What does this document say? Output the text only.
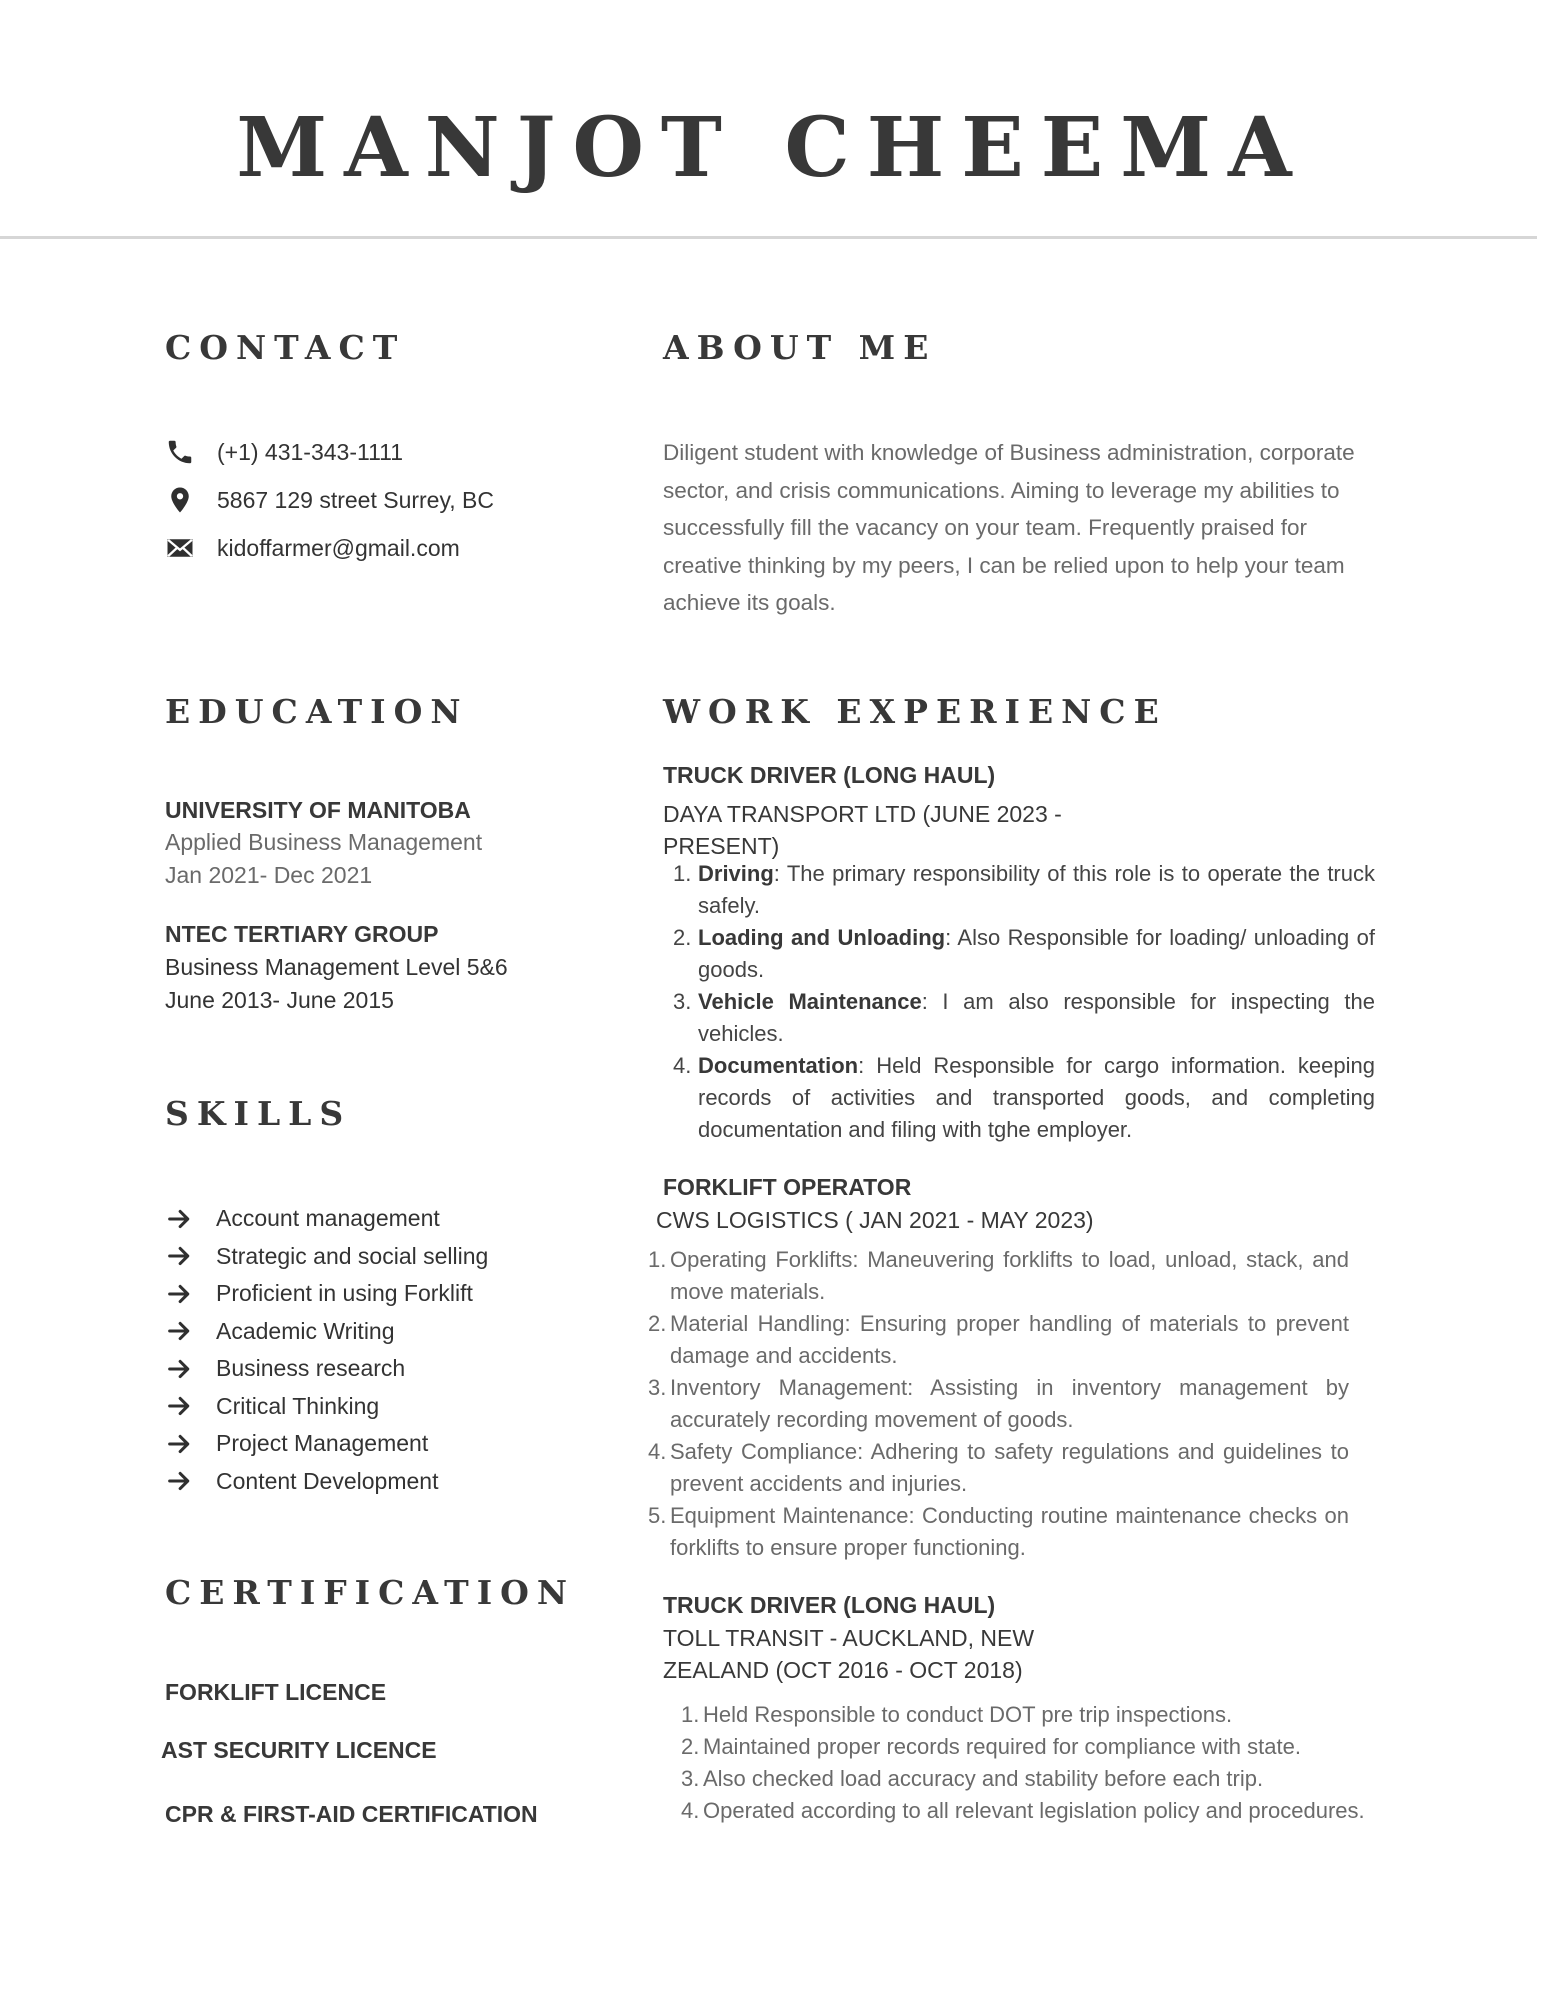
MANJOT CHEEMA
CONTACT
(+1) 431-343-1111
5867 129 street Surrey, BC
kidoffarmer@gmail.com
EDUCATION
UNIVERSITY OF MANITOBA
Applied Business Management
Jan 2021- Dec 2021
NTEC TERTIARY GROUP
Business Management Level 5&6
June 2013- June 2015
SKILLS
Account management
Strategic and social selling
Proficient in using Forklift
Academic Writing
Business research
Critical Thinking
Project Management
Content Development
CERTIFICATION
FORKLIFT LICENCE
AST SECURITY LICENCE
CPR & FIRST-AID CERTIFICATION
ABOUT ME

Diligent student with knowledge of Business administration, corporate sector, and crisis communications. Aiming to leverage my abilities to successfully fill the vacancy on your team. Frequently praised for creative thinking by my peers, I can be relied upon to help your team achieve its goals.

WORK EXPERIENCE
TRUCK DRIVER (LONG HAUL)
DAYA TRANSPORT LTD (JUNE 2023 - PRESENT)
1. Driving: The primary responsibility of this role is to operate the truck safely.
2. Loading and Unloading: Also Responsible for loading/ unloading of goods.
3. Vehicle Maintenance: I am also responsible for inspecting the vehicles.
4. Documentation: Held Responsible for cargo information. keeping records of activities and transported goods, and completing documentation and filing with tghe employer.
FORKLIFT OPERATOR
CWS LOGISTICS ( JAN 2021 - MAY 2023)
1. Operating Forklifts: Maneuvering forklifts to load, unload, stack, and move materials.
2. Material Handling: Ensuring proper handling of materials to prevent damage and accidents.
3. Inventory Management: Assisting in inventory management by accurately recording movement of goods.
4. Safety Compliance: Adhering to safety regulations and guidelines to prevent accidents and injuries.
5. Equipment Maintenance: Conducting routine maintenance checks on forklifts to ensure proper functioning.
TRUCK DRIVER (LONG HAUL)
TOLL TRANSIT - AUCKLAND, NEW ZEALAND (OCT 2016 - OCT 2018)
1. Held Responsible to conduct DOT pre trip inspections.
2. Maintained proper records required for compliance with state.
3. Also checked load accuracy and stability before each trip.
4. Operated according to all relevant legislation policy and procedures.
